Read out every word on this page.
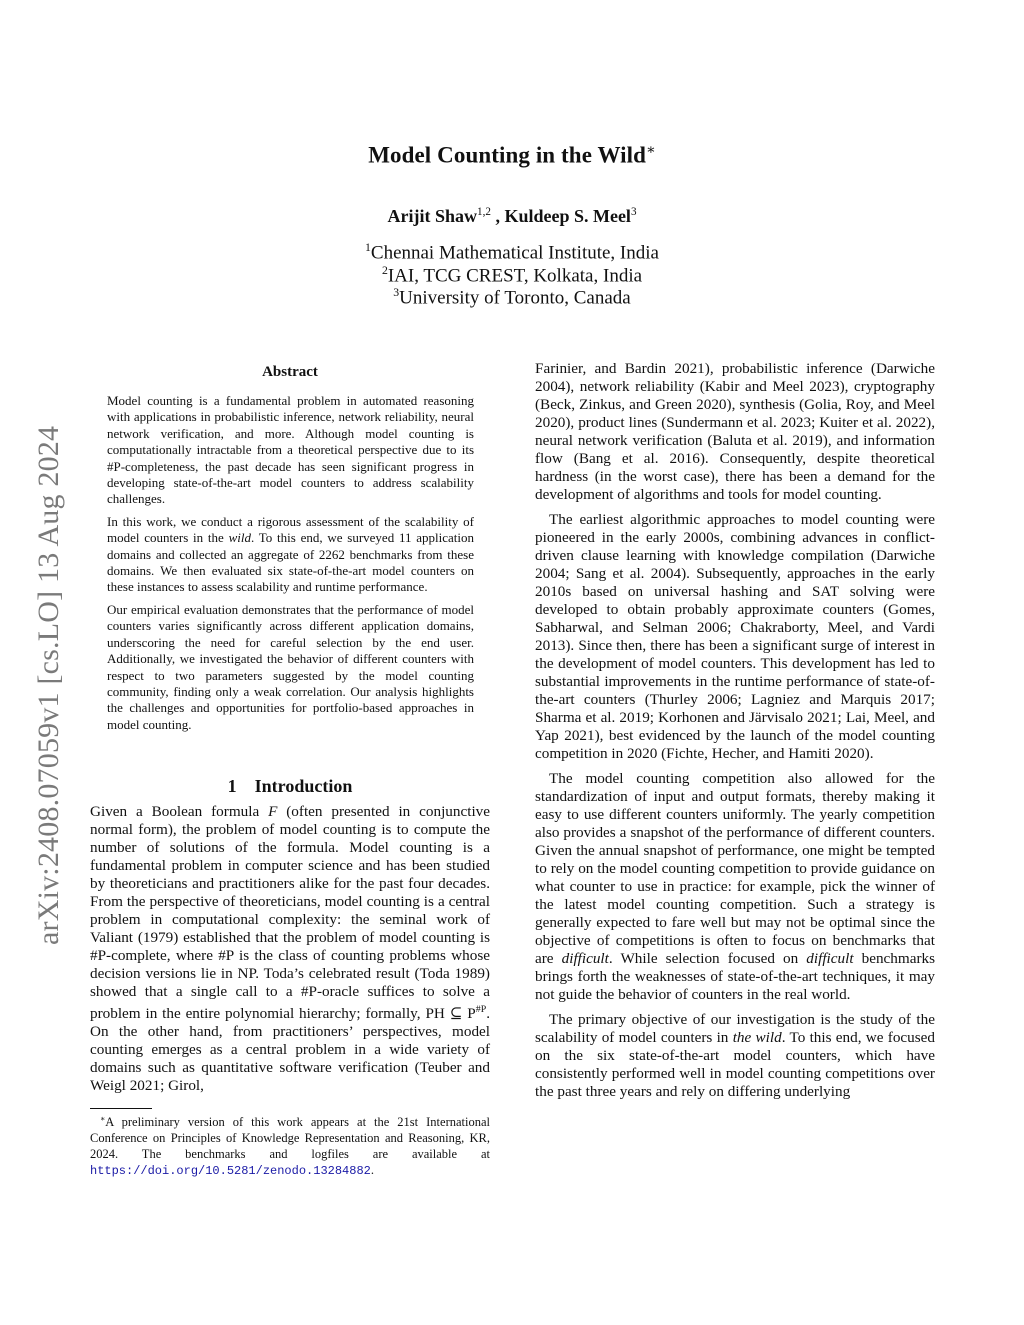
Model Counting in the Wild∗
Arijit Shaw$^{1,2}$ , Kuldeep S. Meel$^3$
$^1$Chennai Mathematical Institute, India
$^2$IAI, TCG CREST, Kolkata, India
$^3$University of Toronto, Canada
arXiv:2408.07059v1 [cs.LO] 13 Aug 2024
Abstract

Model counting is a fundamental problem in automated reasoning with applications in probabilistic inference, network reliability, neural network verification, and more. Although model counting is computationally intractable from a theoretical perspective due to its #P-completeness, the past decade has seen significant progress in developing state-of-the-art model counters to address scalability challenges.

In this work, we conduct a rigorous assessment of the scalability of model counters in the wild. To this end, we surveyed 11 application domains and collected an aggregate of 2262 benchmarks from these domains. We then evaluated six state-of-the-art model counters on these instances to assess scalability and runtime performance.

Our empirical evaluation demonstrates that the performance of model counters varies significantly across different application domains, underscoring the need for careful selection by the end user. Additionally, we investigated the behavior of different counters with respect to two parameters suggested by the model counting community, finding only a weak correlation. Our analysis highlights the challenges and opportunities for portfolio-based approaches in model counting.

1 Introduction

Given a Boolean formula F (often presented in conjunctive normal form), the problem of model counting is to compute the number of solutions of the formula. Model counting is a fundamental problem in computer science and has been studied by theoreticians and practitioners alike for the past four decades. From the perspective of theoreticians, model counting is a central problem in computational complexity: the seminal work of Valiant (1979) established that the problem of model counting is #P-complete, where #P is the class of counting problems whose decision versions lie in NP. Toda’s celebrated result (Toda 1989) showed that a single call to a #P-oracle suffices to solve a problem in the entire polynomial hierarchy; formally, PH ⊆ $P^{\#P}$. On the other hand, from practitioners’ perspectives, model counting emerges as a central problem in a wide variety of domains such as quantitative software verification (Teuber and Weigl 2021; Girol,

∗A preliminary version of this work appears at the 21st International Conference on Principles of Knowledge Representation and Reasoning, KR, 2024. The benchmarks and logfiles are available at https://doi.org/10.5281/zenodo.13284882.

Farinier, and Bardin 2021), probabilistic inference (Darwiche 2004), network reliability (Kabir and Meel 2023), cryptography (Beck, Zinkus, and Green 2020), synthesis (Golia, Roy, and Meel 2020), product lines (Sundermann et al. 2023; Kuiter et al. 2022), neural network verification (Baluta et al. 2019), and information flow (Bang et al. 2016). Consequently, despite theoretical hardness (in the worst case), there has been a demand for the development of algorithms and tools for model counting.

The earliest algorithmic approaches to model counting were pioneered in the early 2000s, combining advances in conflict-driven clause learning with knowledge compilation (Darwiche 2004; Sang et al. 2004). Subsequently, approaches in the early 2010s based on universal hashing and SAT solving were developed to obtain probably approximate counters (Gomes, Sabharwal, and Selman 2006; Chakraborty, Meel, and Vardi 2013). Since then, there has been a significant surge of interest in the development of model counters. This development has led to substantial improvements in the runtime performance of state-of-the-art counters (Thurley 2006; Lagniez and Marquis 2017; Sharma et al. 2019; Korhonen and Järvisalo 2021; Lai, Meel, and Yap 2021), best evidenced by the launch of the model counting competition in 2020 (Fichte, Hecher, and Hamiti 2020).

The model counting competition also allowed for the standardization of input and output formats, thereby making it easy to use different counters uniformly. The yearly competition also provides a snapshot of the performance of different counters. Given the annual snapshot of performance, one might be tempted to rely on the model counting competition to provide guidance on what counter to use in practice: for example, pick the winner of the latest model counting competition. Such a strategy is generally expected to fare well but may not be optimal since the objective of competitions is often to focus on benchmarks that are difficult. While selection focused on difficult benchmarks brings forth the weaknesses of state-of-the-art techniques, it may not guide the behavior of counters in the real world.

The primary objective of our investigation is the study of the scalability of model counters in the wild. To this end, we focused on the six state-of-the-art model counters, which have consistently performed well in model counting competitions over the past three years and rely on differing underlying
